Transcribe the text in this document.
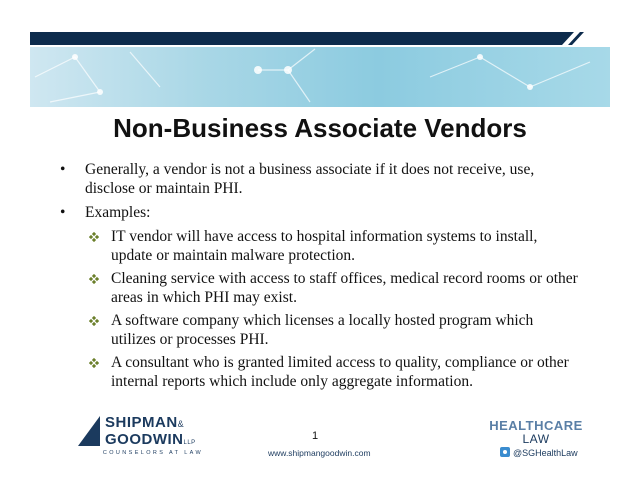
Non-Business Associate Vendors
• Generally, a vendor is not a business associate if it does not receive, use, disclose or maintain PHI.
• Examples:
IT vendor will have access to hospital information systems to install, update or maintain malware protection.
Cleaning service with access to staff offices, medical record rooms or other areas in which PHI may exist.
A software company which licenses a locally hosted program which utilizes or processes PHI.
A consultant who is granted limited access to quality, compliance or other internal reports which include only aggregate information.
SHIPMAN&
GOODWINLLP
COUNSELORS AT LAW
1
www.shipmangoodwin.com
HEALTHCARE
LAW
@SGHealthLaw
